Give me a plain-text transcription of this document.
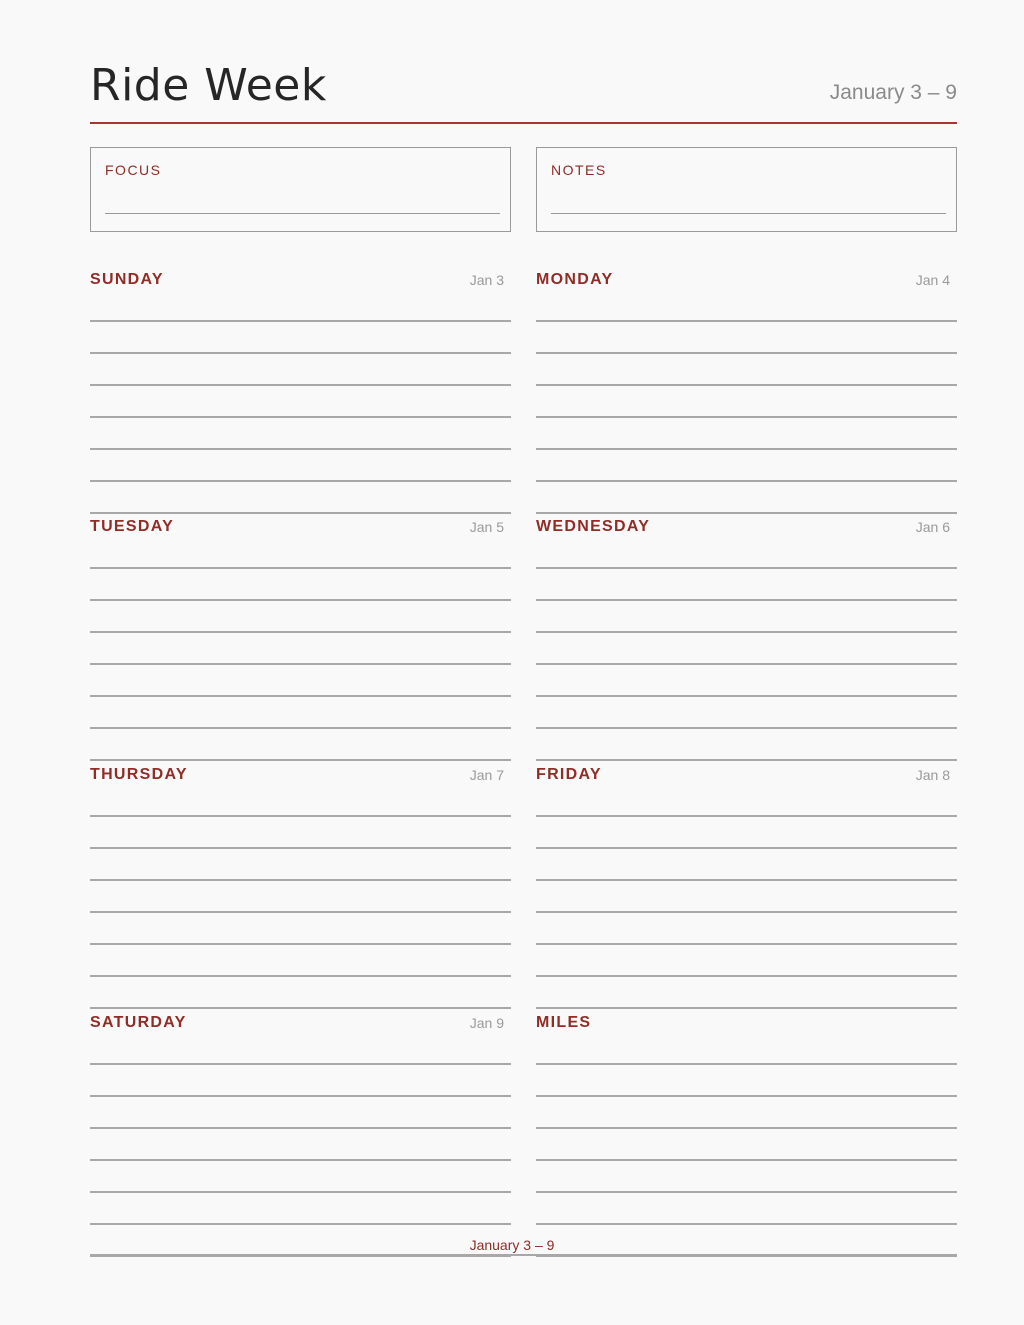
Ride Week	January 3 – 9
FOCUS	NOTES
SUNDAY	Jan 3 MONDAY	Jan 4
TUESDAY	Jan 5 WEDNESDAY	Jan 6
THURSDAY	Jan 7 FRIDAY	Jan 8
SATURDAY	Jan 9 MILES
January 3 – 9
